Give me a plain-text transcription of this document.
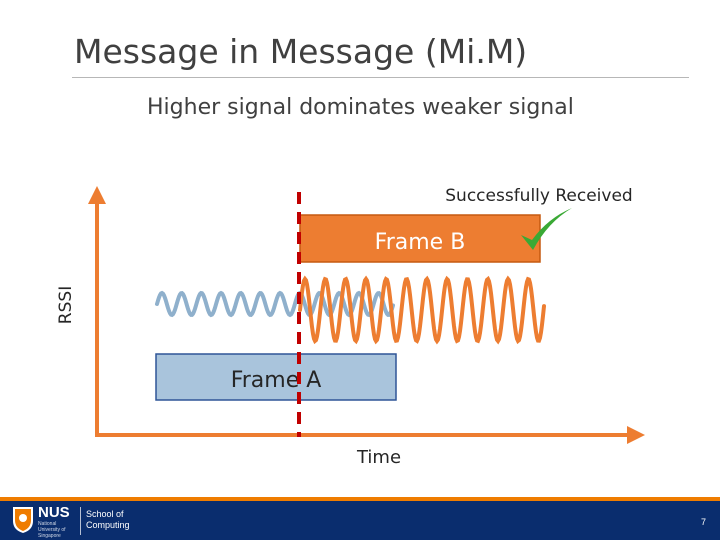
Message in Message (Mi.M)
Higher signal dominates weaker signal
RSSI
Time
Successfully Received
Frame B
Frame A
NUS
National University of Singapore
School of
Computing	7
